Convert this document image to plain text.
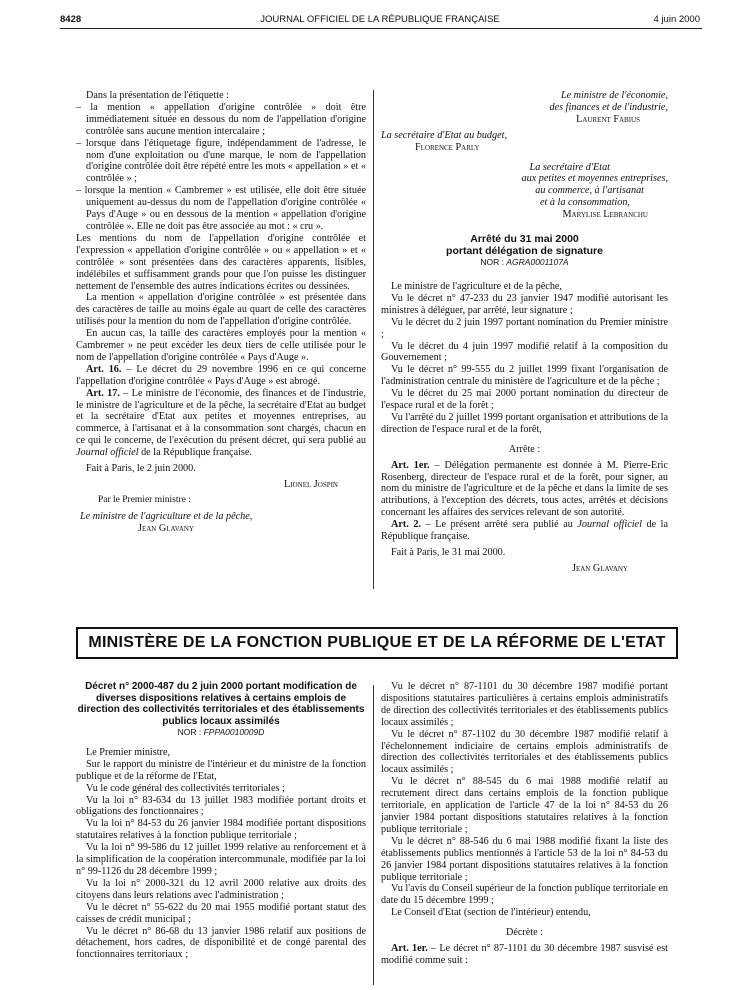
8428	JOURNAL OFFICIEL DE LA RÉPUBLIQUE FRANÇAISE	4 juin 2000

Dans la présentation de l'étiquette :

– la mention « appellation d'origine contrôlée » doit être immédiatement située en dessous du nom de l'appellation d'origine contrôlée sans aucune mention intercalaire ;

– lorsque dans l'étiquetage figure, indépendamment de l'adresse, le nom d'une exploitation ou d'une marque, le nom de l'appellation d'origine contrôlée doit être répété entre les mots « appellation » et « contrôlée » ;

– lorsque la mention « Cambremer » est utilisée, elle doit être située uniquement au-dessus du nom de l'appellation d'origine contrôlée « Pays d'Auge » ou en dessous de la mention « appellation d'origine contrôlée ». Elle ne doit pas être associée au mot : « cru ».

Les mentions du nom de l'appellation d'origine contrôlée et l'expression « appellation d'origine contrôlée » ou « appellation » et « contrôlée » sont présentées dans des caractères apparents, lisibles, indélébiles et suffisamment grands pour que l'on puisse les distinguer nettement de l'ensemble des autres indications écrites ou dessinées.

La mention « appellation d'origine contrôlée » est présentée dans des caractères de taille au moins égale au quart de celle des caractères utilisés pour la mention du nom de l'appellation d'origine contrôlée.

En aucun cas, la taille des caractères employés pour la mention « Cambremer » ne peut excéder les deux tiers de celle utilisée pour le nom de l'appellation d'origine contrôlée « Pays d'Auge ».

Art. 16. – Le décret du 29 novembre 1996 en ce qui concerne l'appellation d'origine contrôlée « Pays d'Auge » est abrogé.

Art. 17. – Le ministre de l'économie, des finances et de l'industrie, le ministre de l'agriculture et de la pêche, la secrétaire d'Etat au budget et la secrétaire d'Etat aux petites et moyennes entreprises, au commerce, à l'artisanat et à la consommation sont chargés, chacun en ce qui le concerne, de l'exécution du présent décret, qui sera publié au Journal officiel de la République française.

Fait à Paris, le 2 juin 2000.

Lionel Jospin

Par le Premier ministre :

Le ministre de l'agriculture et de la pêche,

Jean Glavany

Le ministre de l'économie,

des finances et de l'industrie,

Laurent Fabius

La secrétaire d'Etat au budget,

Florence Parly

La secrétaire d'Etat

aux petites et moyennes entreprises,

au commerce, à l'artisanat

et à la consommation,

Marylise Lebranchu

Arrêté du 31 mai 2000

portant délégation de signature

NOR : AGRA0001107A

Le ministre de l'agriculture et de la pêche,

Vu le décret n° 47-233 du 23 janvier 1947 modifié autorisant les ministres à déléguer, par arrêté, leur signature ;

Vu le décret du 2 juin 1997 portant nomination du Premier ministre ;

Vu le décret du 4 juin 1997 modifié relatif à la composition du Gouvernement ;

Vu le décret n° 99-555 du 2 juillet 1999 fixant l'organisation de l'administration centrale du ministère de l'agriculture et de la pêche ;

Vu le décret du 25 mai 2000 portant nomination du directeur de l'espace rural et de la forêt ;

Vu l'arrêté du 2 juillet 1999 portant organisation et attributions de la direction de l'espace rural et de la forêt,

Arrête :

Art. 1er. – Délégation permanente est donnée à M. Pierre-Eric Rosenberg, directeur de l'espace rural et de la forêt, pour signer, au nom du ministre de l'agriculture et de la pêche et dans la limite de ses attributions, à l'exception des décrets, tous actes, arrêtés et décisions concernant les affaires des services relevant de son autorité.

Art. 2. – Le présent arrêté sera publié au Journal officiel de la République française.

Fait à Paris, le 31 mai 2000.

Jean Glavany

MINISTÈRE DE LA FONCTION PUBLIQUE ET DE LA RÉFORME DE L'ETAT

Décret n° 2000-487 du 2 juin 2000 portant modification de diverses dispositions relatives à certains emplois de direction des collectivités territoriales et des établissements publics locaux assimilés

NOR : FPPA0010009D

Le Premier ministre,

Sur le rapport du ministre de l'intérieur et du ministre de la fonction publique et de la réforme de l'Etat,

Vu le code général des collectivités territoriales ;

Vu la loi n° 83-634 du 13 juillet 1983 modifiée portant droits et obligations des fonctionnaires ;

Vu la loi n° 84-53 du 26 janvier 1984 modifiée portant dispositions statutaires relatives à la fonction publique territoriale ;

Vu la loi n° 99-586 du 12 juillet 1999 relative au renforcement et à la simplification de la coopération intercommunale, modifiée par la loi n° 99-1126 du 28 décembre 1999 ;

Vu la loi n° 2000-321 du 12 avril 2000 relative aux droits des citoyens dans leurs relations avec l'administration ;

Vu le décret n° 55-622 du 20 mai 1955 modifié portant statut des caisses de crédit municipal ;

Vu le décret n° 86-68 du 13 janvier 1986 relatif aux positions de détachement, hors cadres, de disponibilité et de congé parental des fonctionnaires territoriaux ;

Vu le décret n° 87-1101 du 30 décembre 1987 modifié portant dispositions statutaires particulières à certains emplois administratifs de direction des collectivités territoriales et des établissements publics locaux assimilés ;

Vu le décret n° 87-1102 du 30 décembre 1987 modifié relatif à l'échelonnement indiciaire de certains emplois administratifs de direction des collectivités territoriales et des établissements publics locaux assimilés ;

Vu le décret n° 88-545 du 6 mai 1988 modifié relatif au recrutement direct dans certains emplois de la fonction publique territoriale, en application de l'article 47 de la loi n° 84-53 du 26 janvier 1984 portant dispositions statutaires relatives à la fonction publique territoriale ;

Vu le décret n° 88-546 du 6 mai 1988 modifié fixant la liste des établissements publics mentionnés à l'article 53 de la loi n° 84-53 du 26 janvier 1984 portant dispositions statutaires relatives à la fonction publique territoriale ;

Vu l'avis du Conseil supérieur de la fonction publique territoriale en date du 15 décembre 1999 ;

Le Conseil d'Etat (section de l'intérieur) entendu,

Décrète :

Art. 1er. – Le décret n° 87-1101 du 30 décembre 1987 susvisé est modifié comme suit :
